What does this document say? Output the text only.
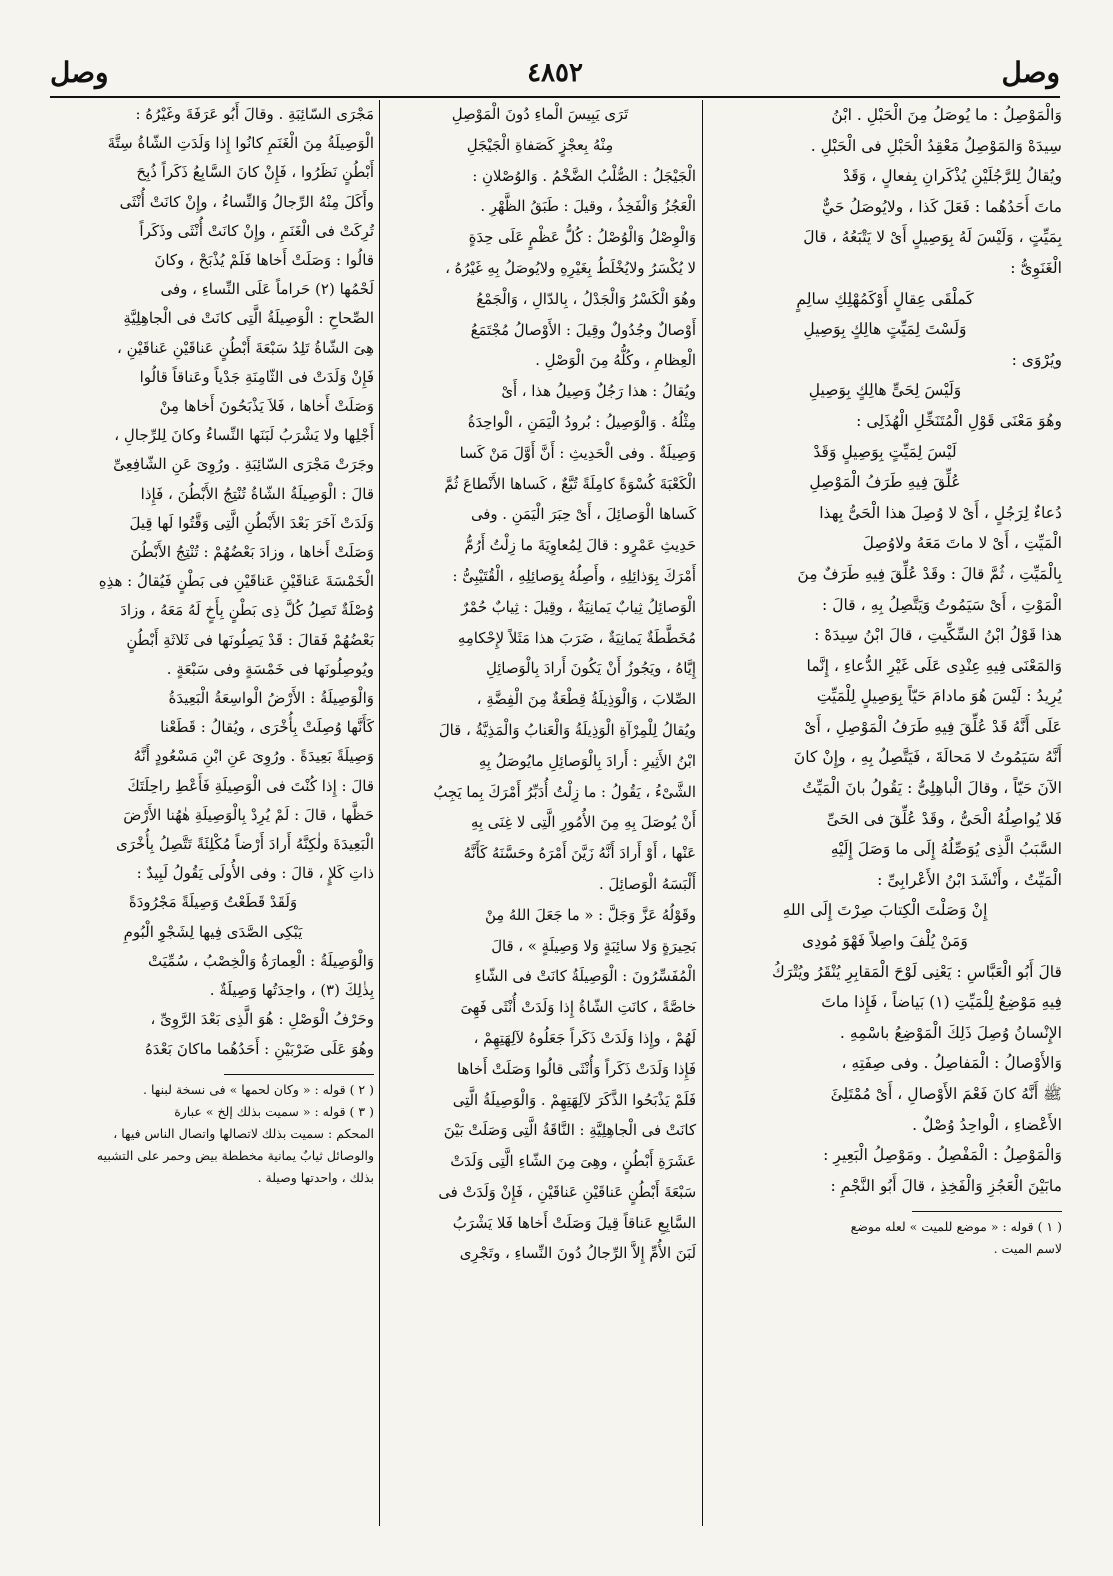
وصل
٤٨٥٢
وصل

وَالْمَوْصِلُ : ما يُوصَلُ مِنَ الْحَبْلِ . ابْنُ

سِيدَهْ وَالمَوْصِلُ مَعْقِدُ الْحَبْلِ فى الْحَبْلِ .

ويُقالُ لِلرَّجُلَيْنِ يُذْكَرانِ بِفعالٍ ، وَقَدْ

ماتَ أَحَدُهُما : فَعَلَ كَذا ، ولايُوصَلُ حَيٌّ

بِمَيِّتٍ ، وَلَيْسَ لَهُ بِوَصِيلٍ أَىْ لا يَتْبَعُهُ ، قالَ

الْغَنَوِىُّ :

كَملْقَى عِقالٍ أَوْكَمُهْلِكِ سالِمٍ

وَلَسْتَ لِمَيِّتٍ هالِكٍ بِوَصِيلِ

ويُرْوَى :

وَلَيْسَ لِحَىٍّ هالِكٍ بِوَصِيلِ

وهُوَ مَعْنَى قَوْلِ الْمُتَنَخِّلِ الْهُذَلِى :

لَيْسَ لِمَيِّتٍ بِوَصِيلٍ وَقَدْ

عُلِّقَ فِيهِ طَرَفُ الْمَوْصِلِ

دُعاءٌ لِرَجُلٍ ، أَىْ لا وُصِلَ هذا الْحَىُّ بِهذا

الْمَيِّتِ ، أَىْ لا ماتَ مَعَهُ ولاوُصِلَ

بِالْمَيِّتِ ، ثُمَّ قالَ : وقَدْ عُلِّقَ فِيهِ طَرَفٌ مِنَ

الْمَوْتِ ، أَىْ سَيَمُوتُ وَيَتَّصِلُ بِهِ ، قالَ :

هذا قَوْلُ ابْنُ السِّكِّيتِ ، قالَ ابْنُ سِيدَهْ :

وَالمَعْنَى فِيهِ عِنْدِى عَلَى غَيْرِ الدُّعاءِ ، إِنَّما

يُرِيدُ : لَيْسَ هُوَ مادامَ حَيّاً بِوَصِيلٍ لِلْمَيِّتِ

عَلَى أَنَّهُ قَدْ عُلِّقَ فِيهِ طَرَفُ الْمَوْصِلِ ، أَىْ

أَنَّهُ سَيَمُوتُ لا مَحالَةَ ، فَيَتَّصِلُ بِهِ ، وإِنْ كانَ

الآنَ حَيّاً ، وقالَ الْباهِلِىُّ : يَقُولُ بانَ الْمَيِّتُ

فَلا يُواصِلُهُ الْحَىُّ ، وقَدْ عُلِّقَ فى الحَىِّ

السَّبَبُ الَّذِى يُوَصِّلُهُ إِلَى ما وَصَلَ إِلَيْهِ

الْمَيِّتُ ، وأَنْشَدَ ابْنُ الأَعْرابِىِّ :

إِنْ وَصَلْتَ الْكِتابَ صِرْتَ إِلَى اللهِ

وَمَنْ يُلْفَ واصِلاً فَهْوَ مُودِى

قالَ أَبُو الْعَبَّاسِ : يَعْنِى لَوْحَ الْمَقابِرِ يُنْقَرُ ويُتْرَكُ

فِيهِ مَوْضِعٌ لِلْمَيِّتِ (١) بَياضاً ، فَإِذا ماتَ

الإِنْسانُ وُصِلَ ذَلِكَ الْمَوْضِعُ باسْمِهِ .

وَالأَوْصالُ : الْمَفاصِلُ . وفى صِفَتِهِ ،

ﷺ أَنَّهُ كانَ فَعْمَ الأَوْصالِ ، أَىْ مُمْتَلِئَ

الأَعْضاءِ ، الْواحِدُ وُصْلٌ .

وَالْمَوْصِلُ : الْمَفْصِلُ . ومَوْصِلُ الْبَعِيرِ :

مابَيْنَ الْعَجُزِ وَالْفَخِذِ ، قالَ أَبُو النَّجْمِ :

( ١ ) قوله : « موضع للميت » لعله موضع

لاسم الميت .

تَرَى يَبِيسَ الْماءِ دُونَ الْمَوْصِلِ

مِنْهُ بِعجْزٍ كَصَفاةِ الْجَيْجَلِ

الْجَيْجَلُ : الصُّلْبُ الضَّخْمُ . وَالوُصْلانِ :

الْعَجُزُ وَالْفَخِذُ ، وقيلَ : طَبَقُ الظَّهْرِ .

وَالْوِصْلُ وَالْوُصْلُ : كُلُّ عَظْمٍ عَلَى حِدَةٍ

لا يُكْسَرُ ولايُخْلَطُ بِغَيْرِهِ ولايُوصَلُ بِهِ غَيْرُهُ ،

وهُوَ الْكَسْرُ وَالْجَدْلُ ، بِالدّالِ ، وَالْجَمْعُ

أَوْصالٌ وجُدُولٌ وقِيلَ : الأَوْصالُ مُجْتَمَعُ

الْعِظامِ ، وكُلُّهُ مِنَ الْوَصْلِ .

ويُقالُ : هذا رَجُلٌ وَصِيلُ هذا ، أَىْ

مِثْلُهُ . وَالْوَصِيلُ : بُرودُ الْيَمَنِ ، الْواحِدَةُ

وَصِيلَةٌ . وفى الْحَدِيثِ : أَنَّ أَوَّلَ مَنْ كَسا

الْكَعْبَةَ كُسْوَةً كامِلَةً تُبَّعٌ ، كَساها الأَنْطاعَ ثُمَّ

كَساها الْوَصائِلَ ، أَىْ حِبَرَ الْيَمَنِ . وفى

حَدِيثِ عَمْرٍو : قالَ لِمُعاوِيَةَ ما زِلْتُ أَرُمُّ

أَمْرَكَ بِوَذائِلِهِ ، وأَصِلُهُ بِوَصائِلِهِ ، الْقُتَيْبِىُّ :

الْوَصائِلُ ثِيابٌ يَمانِيَةٌ ، وقِيلَ : ثِيابٌ حُمْرٌ

مُخَطَّطَةٌ يَمانِيَةٌ ، ضَرَبَ هذا مَثَلاً لإِحْكامِهِ

إِيَّاهُ ، ويَجُوزُ أَنْ يَكُونَ أَرادَ بِالْوَصائِلِ

الصِّلابَ ، وَالْوَذِيلَةُ قِطْعَةٌ مِنَ الْفِضَّةِ ،

ويُقالُ لِلْمِرْآةِ الْوَذِيلَةُ وَالْعَنابُ وَالْمَذِيَّةُ ، قالَ

ابْنُ الأَثِيرِ : أَرادَ بِالْوَصائِلِ مايُوصَلُ بِهِ

الشَّىْءُ ، يَقُولُ : ما زِلْتُ أُدَبِّرُ أَمْرَكَ بِما يَجِبُ

أَنْ يُوصَلَ بِهِ مِنَ الأُمُورِ الَّتِى لا غِنَى بِهِ

عَنْها ، أَوْ أَرادَ أَنَّهُ زَيَّنَ أَمْرَهُ وحَسَّنَهُ كَأَنَّهُ

أَلْبَسَهُ الْوَصائِلَ .

وقَوْلُهُ عَزَّ وَجَلَّ : « ما جَعَلَ اللهُ مِنْ

بَحِيرَةٍ وَلا سائِبَةٍ وَلا وَصِيلَةٍ » ، قالَ

الْمُفَسِّرُونَ : الْوَصِيلَةُ كانَتْ فى الشّاءِ

خاصَّةً ، كانَتِ الشّاةُ إِذا وَلَدَتْ أُنْثَى فَهِىَ

لَهُمْ ، وإِذا وَلَدَتْ ذَكَراً جَعَلُوهُ لآلِهَتِهِمْ ،

فَإِذا وَلَدَتْ ذَكَراً وَأُنْثَى قالُوا وَصَلَتْ أَخاها

فَلَمْ يَذْبَحُوا الذَّكَرَ لآلِهَتِهِمْ . وَالْوَصِيلَةُ الَّتِى

كانَتْ فى الْجاهِلِيَّةِ : النَّاقَةُ الَّتِى وَصَلَتْ بَيْنَ

عَشَرَةِ أَبْطُنٍ ، وهِىَ مِنَ الشّاءِ الَّتِى وَلَدَتْ

سَبْعَةَ أَبْطُنٍ عَناقَيْنِ عَناقَيْنِ ، فَإِنْ وَلَدَتْ فى

السَّابِعِ عَناقاً قِيلَ وَصَلَتْ أَخاها فَلا يَشْرَبُ

لَبَنَ الأُمِّ إِلاَّ الرِّجالُ دُونَ النِّساءِ ، وتَجْرِى

مَجْرَى السّائِبَةِ . وقالَ أَبُو عَرَفَةَ وغَيْرُهُ :

الْوَصِيلَةُ مِنَ الْغَنَمِ كانُوا إِذا وَلَدَتِ الشّاةُ سِتَّةَ

أَبْطُنٍ نَظَرُوا ، فَإِنْ كانَ السَّابِعُ ذَكَراً ذُبِحَ

وأَكَلَ مِنْهُ الرِّجالُ وَالنِّساءُ ، وإِنْ كانَتْ أُنْثَى

تُرِكَتْ فى الْغَنَمِ ، وإِنْ كانَتْ أُنْثَى وذَكَراً

قالُوا : وَصَلَتْ أَخاها فَلَمْ يُذْبَحْ ، وكانَ

لَحْمُها (٢) حَراماً عَلَى النِّساءِ ، وفى

الصِّحاحِ : الْوَصِيلَةُ الَّتِى كانَتْ فى الْجاهِلِيَّةِ

هِىَ الشّاةُ تَلِدُ سَبْعَةَ أَبْطُنٍ عَناقَيْنِ عَناقَيْنِ ،

فَإِنْ وَلَدَتْ فى الثّامِنَةِ جَدْياً وعَناقاً قالُوا

وَصَلَتْ أَخاها ، فَلاَ يَذْبَحُونَ أَخاها مِنْ

أَجْلِها ولا يَشْرَبُ لَبَنَها النِّساءُ وكانَ لِلرِّجالِ ،

وجَرَتْ مَجْرَى السّائِبَةِ . ورُوِىَ عَنِ الشّافِعِىِّ

قالَ : الْوَصِيلَةُ الشّاةُ تُنْتِجُ الأَبْطُنَ ، فَإِذا

وَلَدَتْ آخَرَ بَعْدَ الأَبْطُنِ الَّتِى وَقَّتُوا لَها قِيلَ

وَصَلَتْ أَخاها ، وزادَ بَعْضُهُمْ : تُنْتِجُ الأَبْطُنَ

الْخَمْسَةَ عَناقَيْنِ عَناقَيْنِ فى بَطْنٍ فَيُقالُ : هذِهِ

وُصْلَةٌ تَصِلُ كُلَّ ذِى بَطْنٍ بِأَخٍ لَهُ مَعَهُ ، وزادَ

بَعْضُهُمْ فَقالَ : قَدْ يَصِلُونَها فى ثَلاثَةِ أَبْطُنٍ

ويُوصِلُونَها فى خَمْسَةٍ وفى سَبْعَةٍ .

وَالْوَصِيلَةُ : الأَرْضُ الْواسِعَةُ الْبَعِيدَةُ

كَأَنَّها وُصِلَتْ بِأُخْرَى ، ويُقالُ : قَطَعْنا

وَصِيلَةً بَعِيدَةً . ورُوِىَ عَنِ ابْنِ مَسْعُودٍ أَنَّهُ

قالَ : إِذا كُنْتَ فى الْوَصِيلَةِ فَأَعْطِ راحِلَتَكَ

حَظَّها ، قالَ : لَمْ يُرِدْ بِالْوَصِيلَةِ هٰهُنا الأَرْضَ

الْبَعِيدَةَ ولٰكِنَّهُ أَرادَ أَرْضاً مُكْلِئَةً تَتَّصِلُ بِأُخْرَى

ذاتِ كَلإٍ ، قالَ : وفى الأُولَى يَقُولُ لَبِيدٌ :

وَلَقَدْ قَطَعْتُ وَصِيلَةً مَجْرُودَةً

يَبْكِى الصَّدَى فِيها لِشَجْوِ الْبُومِ

وَالْوَصِيلَةُ : الْعِمارَةُ وَالْخِصْبُ ، سُمِّيَتْ

بِذٰلِكَ (٣) ، واحِدَتُها وَصِيلَةٌ .

وحَرْفُ الْوَصْلِ : هُوَ الَّذِى بَعْدَ الرَّوِىِّ ،

وهُوَ عَلَى ضَرْبَيْنِ : أَحَدُهُما ماكانَ بَعْدَهُ

( ٢ ) قوله : « وكان لحمها » فى نسخة لبنها .

( ٣ ) قوله : « سميت بذلك إلخ » عبارة

المحكم : سميت بذلك لاتصالها واتصال الناس فيها ،

والوصائل ثيابٌ يمانية مخططة بيض وحمر على التشبيه

بذلك ، واحدتها وصيلة .
